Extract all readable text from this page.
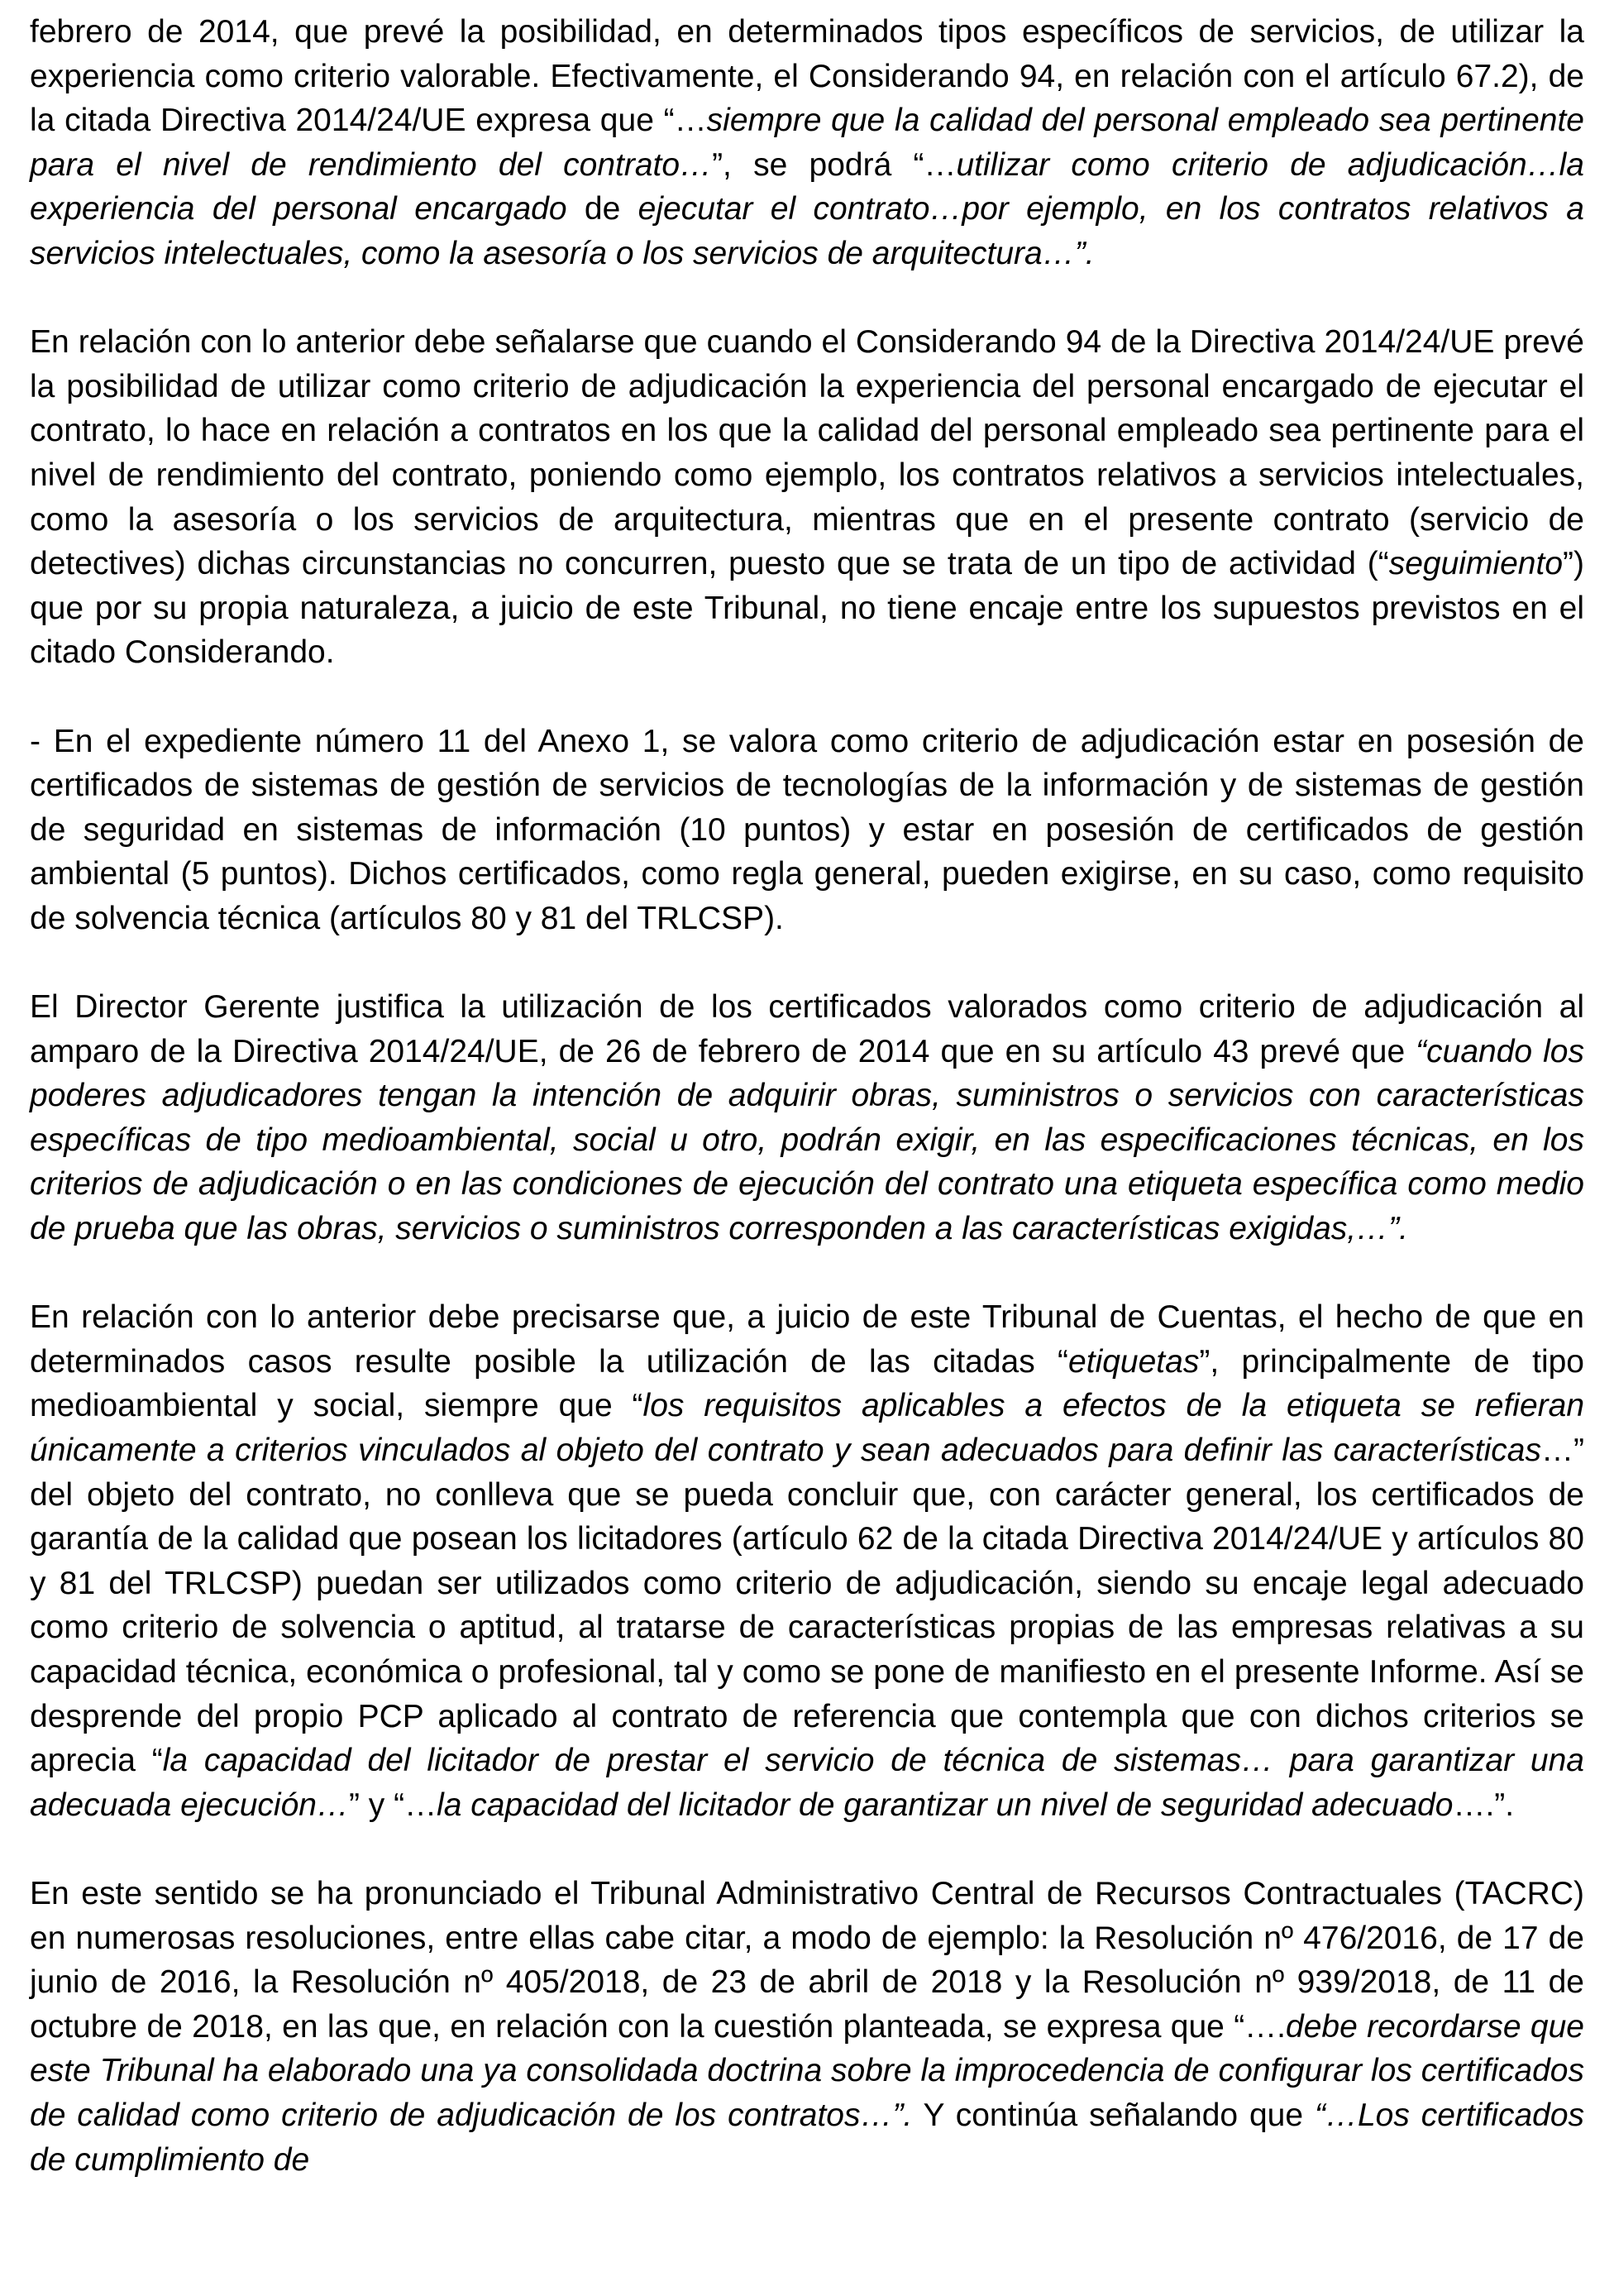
febrero de 2014, que prevé la posibilidad, en determinados tipos específicos de servicios, de utilizar la experiencia como criterio valorable. Efectivamente, el Considerando 94, en relación con el artículo 67.2), de la citada Directiva 2014/24/UE expresa que “…siempre que la calidad del personal empleado sea pertinente para el nivel de rendimiento del contrato…”, se podrá “…utilizar como criterio de adjudicación…la experiencia del personal encargado de ejecutar el contrato…por ejemplo, en los contratos relativos a servicios intelectuales, como la asesoría o los servicios de arquitectura…”.

En relación con lo anterior debe señalarse que cuando el Considerando 94 de la Directiva 2014/24/UE prevé la posibilidad de utilizar como criterio de adjudicación la experiencia del personal encargado de ejecutar el contrato, lo hace en relación a contratos en los que la calidad del personal empleado sea pertinente para el nivel de rendimiento del contrato, poniendo como ejemplo, los contratos relativos a servicios intelectuales, como la asesoría o los servicios de arquitectura, mientras que en el presente contrato (servicio de detectives) dichas circunstancias no concurren, puesto que se trata de un tipo de actividad (“seguimiento”) que por su propia naturaleza, a juicio de este Tribunal, no tiene encaje entre los supuestos previstos en el citado Considerando.

- En el expediente número 11 del Anexo 1, se valora como criterio de adjudicación estar en posesión de certificados de sistemas de gestión de servicios de tecnologías de la información y de sistemas de gestión de seguridad en sistemas de información (10 puntos) y estar en posesión de certificados de gestión ambiental (5 puntos). Dichos certificados, como regla general, pueden exigirse, en su caso, como requisito de solvencia técnica (artículos 80 y 81 del TRLCSP).

El Director Gerente justifica la utilización de los certificados valorados como criterio de adjudicación al amparo de la Directiva 2014/24/UE, de 26 de febrero de 2014 que en su artículo 43 prevé que “cuando los poderes adjudicadores tengan la intención de adquirir obras, suministros o servicios con características específicas de tipo medioambiental, social u otro, podrán exigir, en las especificaciones técnicas, en los criterios de adjudicación o en las condiciones de ejecución del contrato una etiqueta específica como medio de prueba que las obras, servicios o suministros corresponden a las características exigidas,…”.

En relación con lo anterior debe precisarse que, a juicio de este Tribunal de Cuentas, el hecho de que en determinados casos resulte posible la utilización de las citadas “etiquetas”, principalmente de tipo medioambiental y social, siempre que “los requisitos aplicables a efectos de la etiqueta se refieran únicamente a criterios vinculados al objeto del contrato y sean adecuados para definir las características…” del objeto del contrato, no conlleva que se pueda concluir que, con carácter general, los certificados de garantía de la calidad que posean los licitadores (artículo 62 de la citada Directiva 2014/24/UE y artículos 80 y 81 del TRLCSP) puedan ser utilizados como criterio de adjudicación, siendo su encaje legal adecuado como criterio de solvencia o aptitud, al tratarse de características propias de las empresas relativas a su capacidad técnica, económica o profesional, tal y como se pone de manifiesto en el presente Informe. Así se desprende del propio PCP aplicado al contrato de referencia que contempla que con dichos criterios se aprecia “la capacidad del licitador de prestar el servicio de técnica de sistemas… para garantizar una adecuada ejecución…” y “…la capacidad del licitador de garantizar un nivel de seguridad adecuado….”.

En este sentido se ha pronunciado el Tribunal Administrativo Central de Recursos Contractuales (TACRC) en numerosas resoluciones, entre ellas cabe citar, a modo de ejemplo: la Resolución nº 476/2016, de 17 de junio de 2016, la Resolución nº 405/2018, de 23 de abril de 2018 y la Resolución nº 939/2018, de 11 de octubre de 2018, en las que, en relación con la cuestión planteada, se expresa que “….debe recordarse que este Tribunal ha elaborado una ya consolidada doctrina sobre la improcedencia de configurar los certificados de calidad como criterio de adjudicación de los contratos…”. Y continúa señalando que “…Los certificados de cumplimiento de
